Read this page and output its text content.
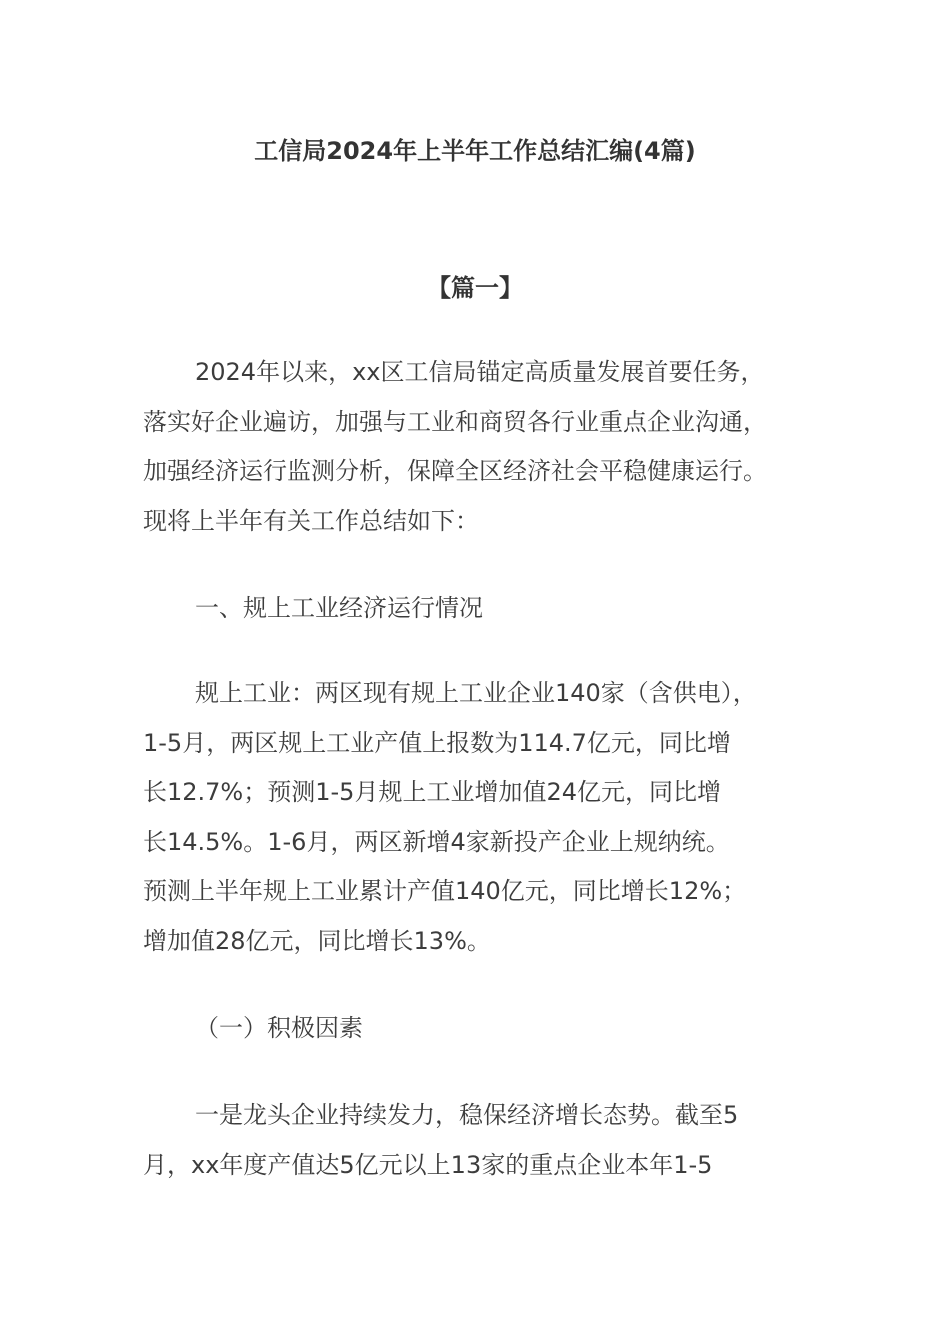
工信局2024年上半年工作总结汇编(4篇)
【篇一】

2024年以来，xx区工信局锚定高质量发展首要任务，
落实好企业遍访，加强与工业和商贸各行业重点企业沟通，
加强经济运行监测分析，保障全区经济社会平稳健康运行。
现将上半年有关工作总结如下：

一、规上工业经济运行情况

规上工业：两区现有规上工业企业140家（含供电），
1-5月，两区规上工业产值上报数为114.7亿元，同比增
长12.7%；预测1-5月规上工业增加值24亿元，同比增
长14.5%。1-6月，两区新增4家新投产企业上规纳统。
预测上半年规上工业累计产值140亿元，同比增长12%；
增加值28亿元，同比增长13%。

（一）积极因素

一是龙头企业持续发力，稳保经济增长态势。截至5
月，xx年度产值达5亿元以上13家的重点企业本年1-5
